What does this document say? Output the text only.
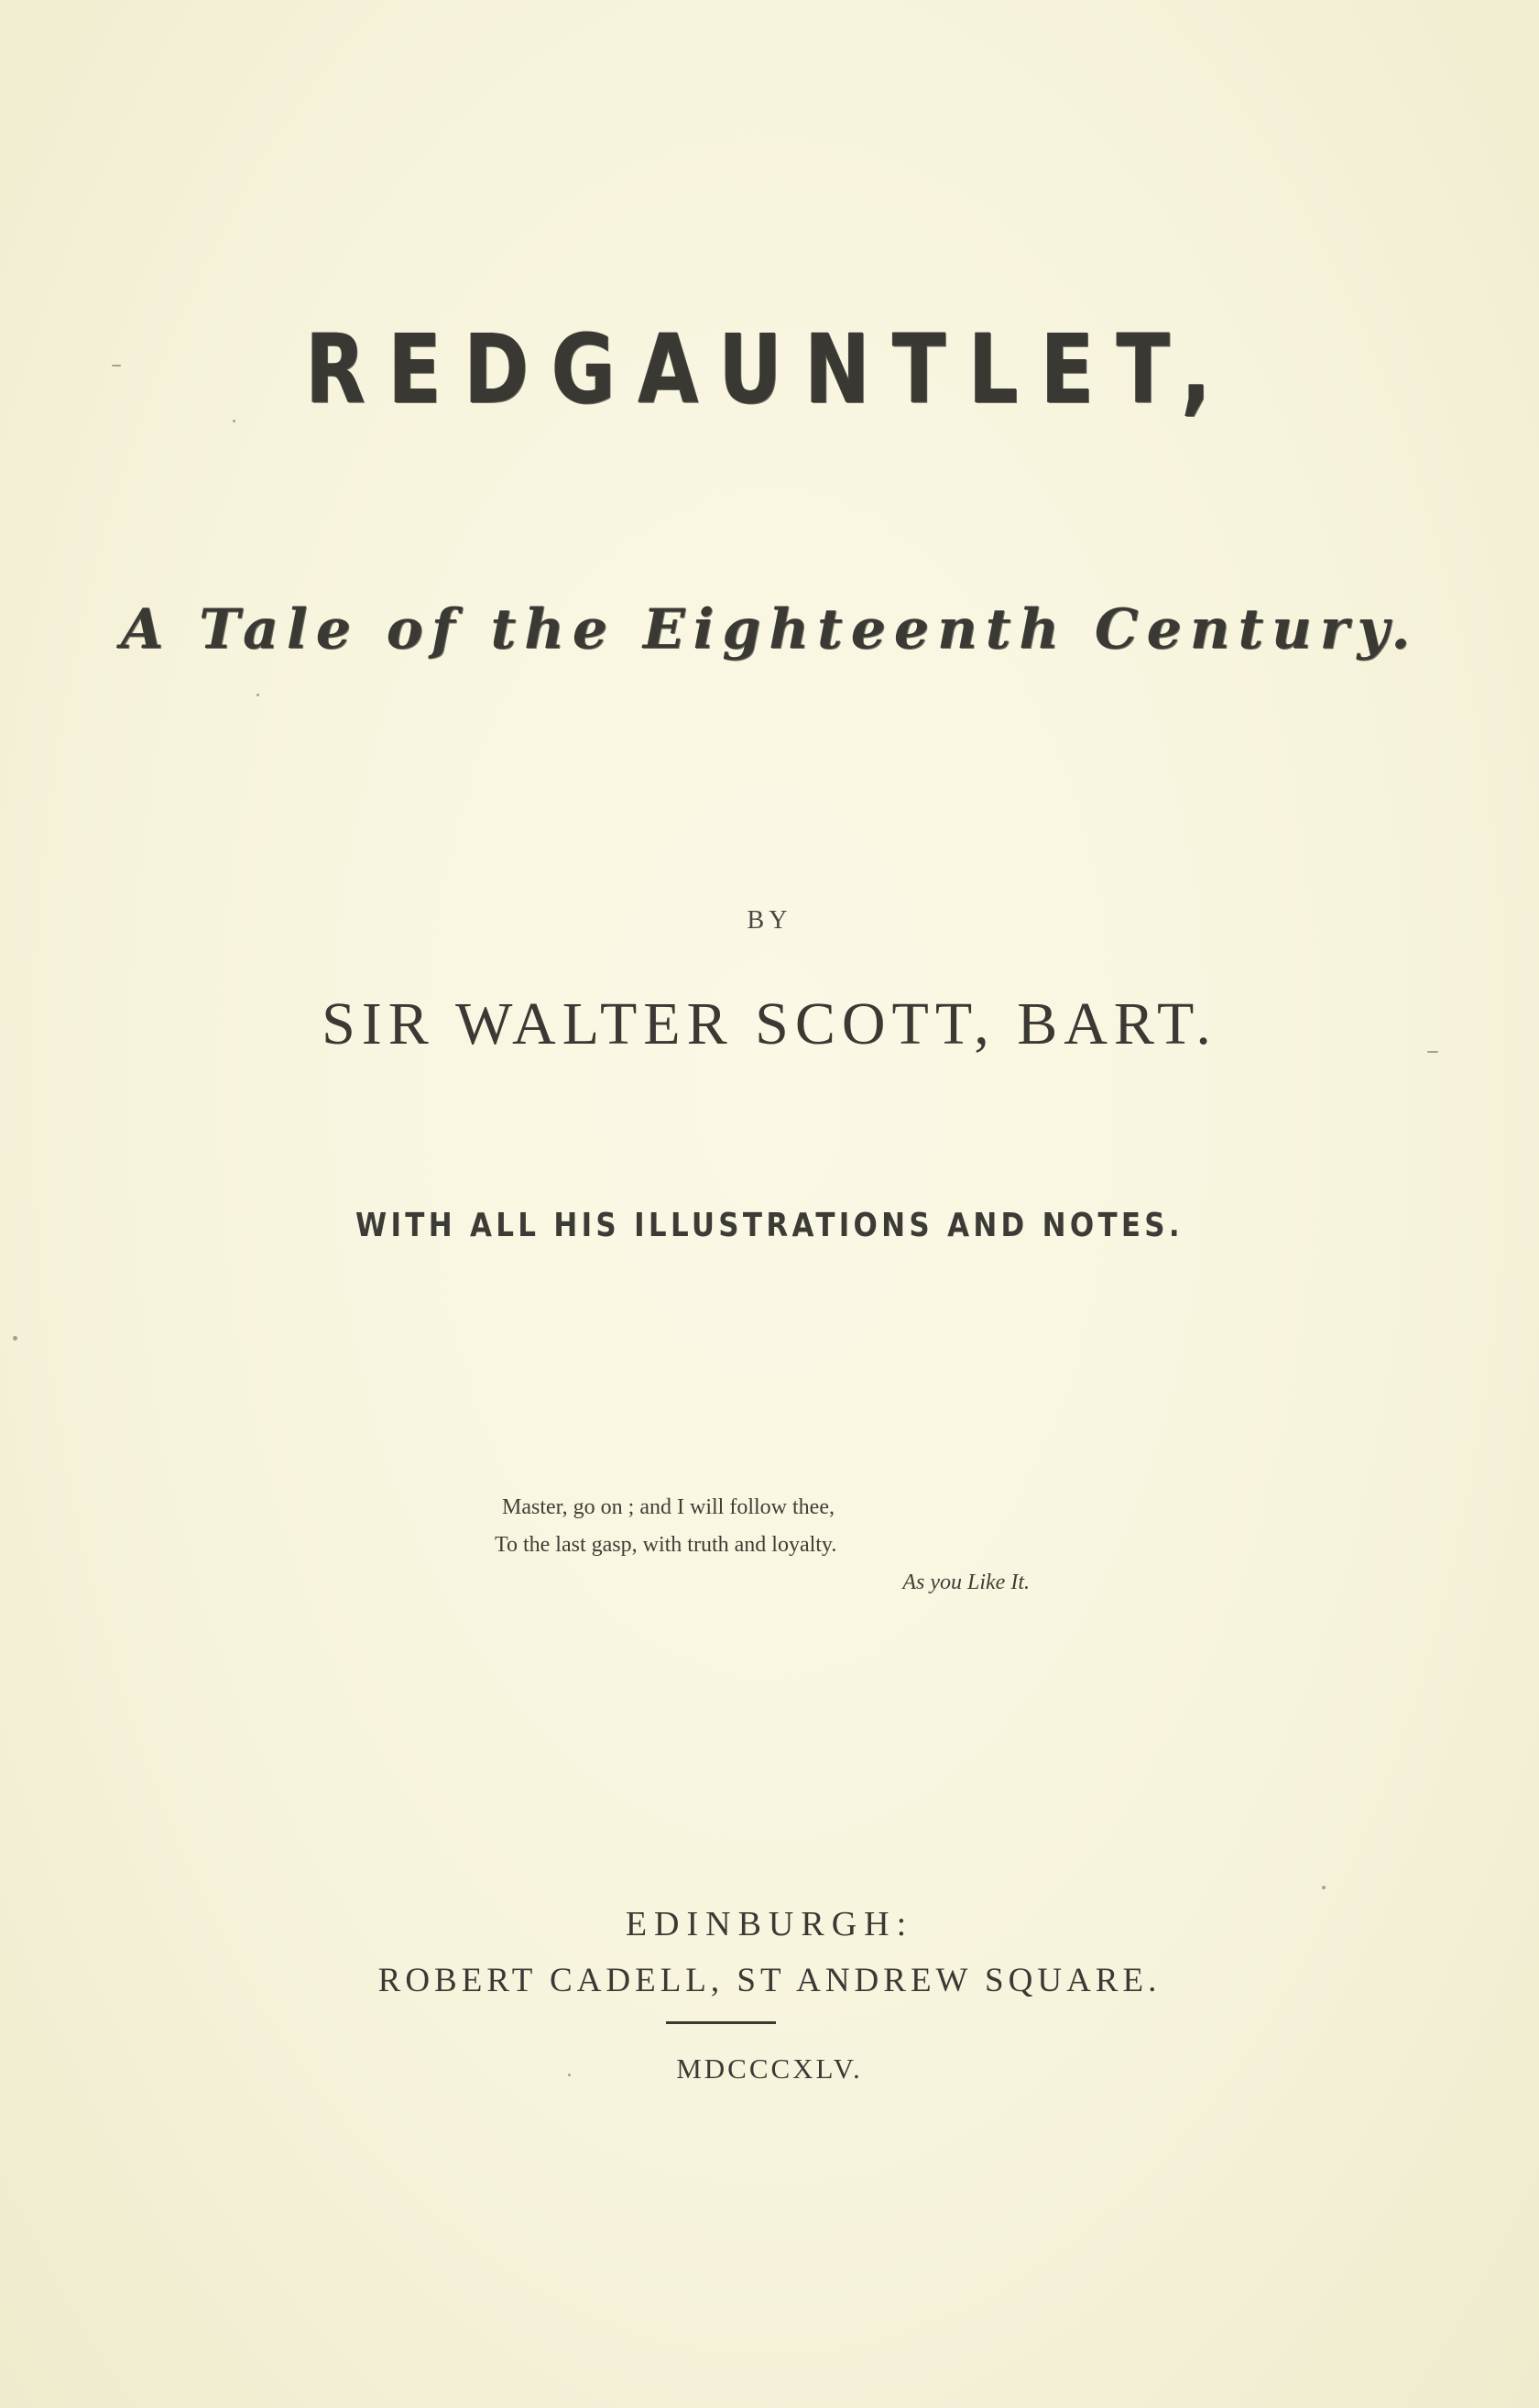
REDGAUNTLET,
A Tale of the Eighteenth Century.
BY
SIR WALTER SCOTT, BART.
WITH ALL HIS ILLUSTRATIONS AND NOTES.
Master, go on ; and I will follow thee,
To the last gasp, with truth and loyalty.
As you Like It.
EDINBURGH:
ROBERT CADELL, ST ANDREW SQUARE.
MDCCCXLV.
